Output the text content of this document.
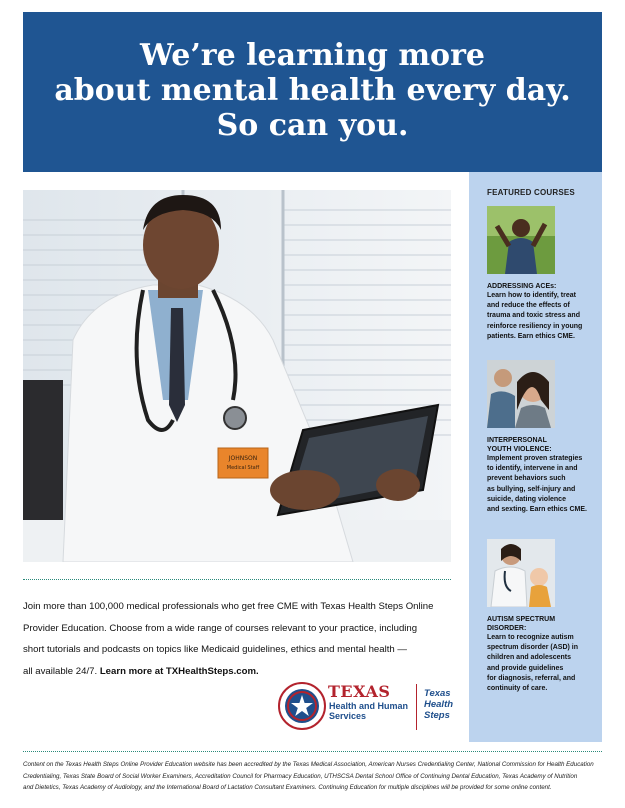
We’re learning more
about mental health every day.
So can you.
JOHNSON
Medical Staff
FEATURED COURSES
ADDRESSING ACEs:
Learn how to identify, treat
and reduce the effects of
trauma and toxic stress and
reinforce resiliency in young
patients. Earn ethics CME.
INTERPERSONAL
YOUTH VIOLENCE:
Implement proven strategies
to identify, intervene in and
prevent behaviors such
as bullying, self-injury and
suicide, dating violence
and sexting. Earn ethics CME.
AUTISM SPECTRUM
DISORDER:
Learn to recognize autism
spectrum disorder (ASD) in
children and adolescents
and provide guidelines
for diagnosis, referral, and
continuity of care.
Join more than 100,000 medical professionals who get free CME with Texas Health Steps Online
Provider Education. Choose from a wide range of courses relevant to your practice, including
short tutorials and podcasts on topics like Medicaid guidelines, ethics and mental health —
all available 24/7. Learn more at TXHealthSteps.com.
TEXAS
Health and Human
Services
Texas
Health
Steps
Content on the Texas Health Steps Online Provider Education website has been accredited by the Texas Medical Association, American Nurses Credentialing Center, National Commission for Health Education
Credentialing, Texas State Board of Social Worker Examiners, Accreditation Council for Pharmacy Education, UTHSCSA Dental School Office of Continuing Dental Education, Texas Academy of Nutrition
and Dietetics, Texas Academy of Audiology, and the International Board of Lactation Consultant Examiners. Continuing Education for multiple disciplines will be provided for some online content.
